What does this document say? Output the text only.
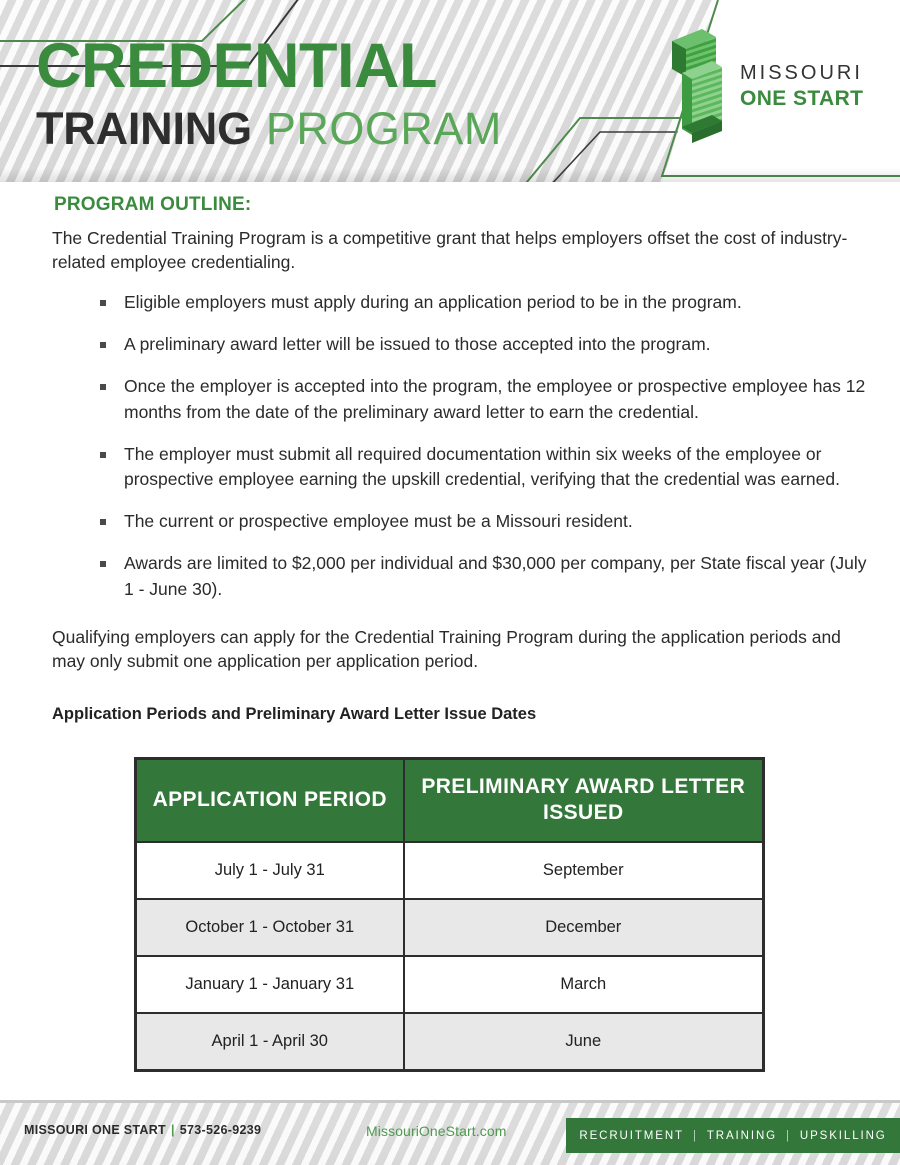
MISSOURI
ONE START
CREDENTIAL
TRAINING PROGRAM
PROGRAM OUTLINE:

The Credential Training Program is a competitive grant that helps employers offset the cost of industry-related employee credentialing.

Eligible employers must apply during an application period to be in the program.
A preliminary award letter will be issued to those accepted into the program.
Once the employer is accepted into the program, the employee or prospective employee has 12 months from the date of the preliminary award letter to earn the credential.
The employer must submit all required documentation within six weeks of the employee or prospective employee earning the upskill credential, verifying that the credential was earned.
The current or prospective employee must be a Missouri resident.
Awards are limited to $2,000 per individual and $30,000 per company, per State fiscal year (July 1 - June 30).

Qualifying employers can apply for the Credential Training Program during the application periods and may only submit one application per application period.

Application Periods and Preliminary Award Letter Issue Dates
APPLICATION PERIOD	PRELIMINARY AWARD LETTER ISSUED
July 1 - July 31	September
October 1 - October 31	December
January 1 - January 31	March
April 1 - April 30	June
MISSOURI ONE START | 573-526-9239	MissouriOneStart.com	RECRUITMENT | TRAINING | UPSKILLING
